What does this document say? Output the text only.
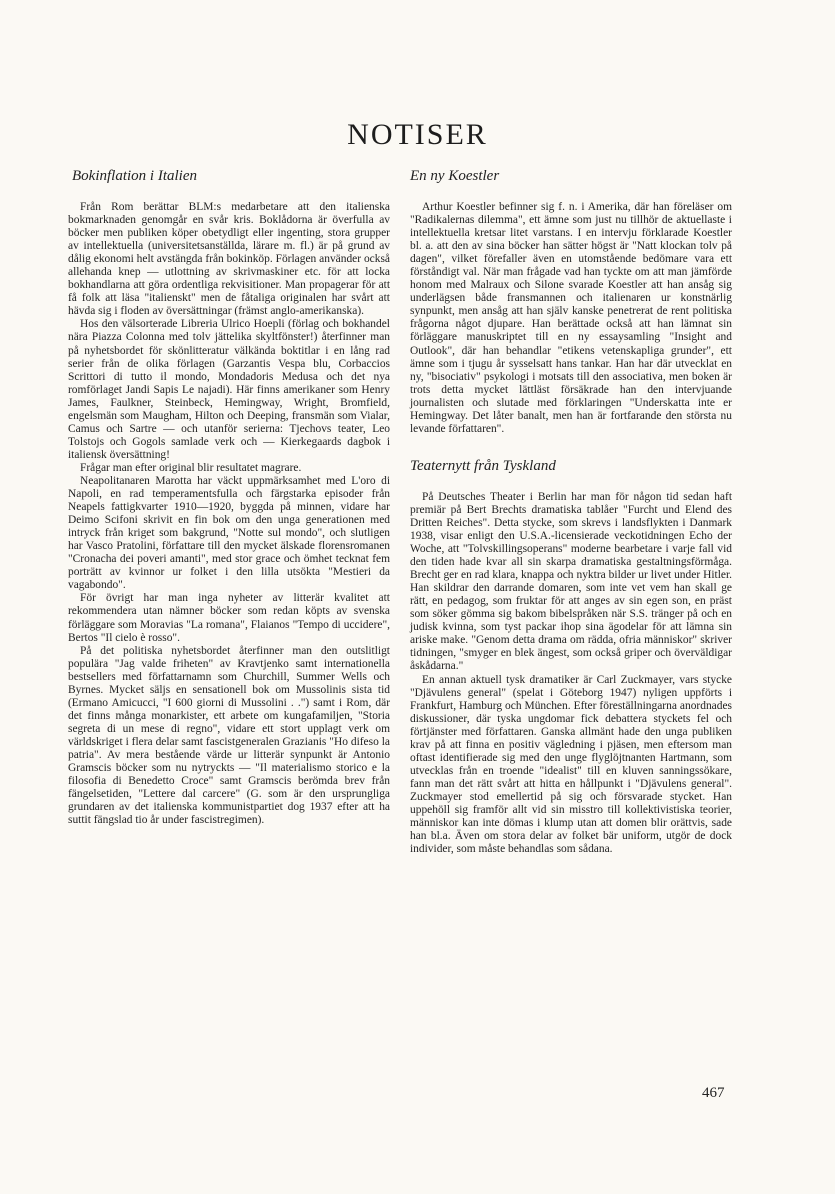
NOTISER
Bokinflation i Italien

Från Rom berättar BLM:s medarbetare att den italienska bokmarknaden genomgår en svår kris. Boklådorna är överfulla av böcker men publiken köper obetydligt eller ingenting, stora grupper av intellektuella (universitetsanställda, lärare m. fl.) är på grund av dålig ekonomi helt avstängda från bokinköp. Förlagen använder också allehanda knep — utlottning av skrivmaskiner etc. för att locka bokhandlarna att göra ordentliga rekvisitioner. Man propagerar för att få folk att läsa "italienskt" men de fåtaliga originalen har svårt att hävda sig i floden av översättningar (främst anglo-amerikanska).

Hos den välsorterade Libreria Ulrico Hoepli (förlag och bokhandel nära Piazza Colonna med tolv jättelika skyltfönster!) återfinner man på nyhetsbordet för skönlitteratur välkända boktitlar i en lång rad serier från de olika förlagen (Garzantis Vespa blu, Corbaccios Scrittori di tutto il mondo, Mondadoris Medusa och det nya romförlaget Jandi Sapis Le najadi). Här finns amerikaner som Henry James, Faulkner, Steinbeck, Hemingway, Wright, Bromfield, engelsmän som Maugham, Hilton och Deeping, fransmän som Vialar, Camus och Sartre — och utanför serierna: Tjechovs teater, Leo Tolstojs och Gogols samlade verk och — Kierkegaards dagbok i italiensk översättning!

Frågar man efter original blir resultatet magrare.

Neapolitanaren Marotta har väckt uppmärksamhet med L'oro di Napoli, en rad temperamentsfulla och färgstarka episoder från Neapels fattigkvarter 1910—1920, byggda på minnen, vidare har Deimo Scifoni skrivit en fin bok om den unga generationen med intryck från kriget som bakgrund, "Notte sul mondo", och slutligen har Vasco Pratolini, författare till den mycket älskade florensromanen "Cronacha dei poveri amanti", med stor grace och ömhet tecknat fem porträtt av kvinnor ur folket i den lilla utsökta "Mestieri da vagabondo".

För övrigt har man inga nyheter av litterär kvalitet att rekommendera utan nämner böcker som redan köpts av svenska förläggare som Moravias "La romana", Flaianos "Tempo di uccidere", Bertos "Il cielo è rosso".

På det politiska nyhetsbordet återfinner man den outslitligt populära "Jag valde friheten" av Kravtjenko samt internationella bestsellers med författarnamn som Churchill, Summer Wells och Byrnes. Mycket säljs en sensationell bok om Mussolinis sista tid (Ermano Amicucci, "I 600 giorni di Mussolini . .") samt i Rom, där det finns många monarkister, ett arbete om kungafamiljen, "Storia segreta di un mese di regno", vidare ett stort upplagt verk om världskriget i flera delar samt fascistgeneralen Grazianis "Ho difeso la patria". Av mera bestående värde ur litterär synpunkt är Antonio Gramscis böcker som nu nytryckts — "Il materialismo storico e la filosofia di Benedetto Croce" samt Gramscis berömda brev från fängelsetiden, "Lettere dal carcere" (G. som är den ursprungliga grundaren av det italienska kommunistpartiet dog 1937 efter att ha suttit fängslad tio år under fascistregimen).

En ny Koestler

Arthur Koestler befinner sig f. n. i Amerika, där han föreläser om "Radikalernas dilemma", ett ämne som just nu tillhör de aktuellaste i intellektuella kretsar litet varstans. I en intervju förklarade Koestler bl. a. att den av sina böcker han sätter högst är "Natt klockan tolv på dagen", vilket förefaller även en utomstående bedömare vara ett förståndigt val. När man frågade vad han tyckte om att man jämförde honom med Malraux och Silone svarade Koestler att han ansåg sig underlägsen både fransmannen och italienaren ur konstnärlig synpunkt, men ansåg att han själv kanske penetrerat de rent politiska frågorna något djupare. Han berättade också att han lämnat sin förläggare manuskriptet till en ny essaysamling "Insight and Outlook", där han behandlar "etikens vetenskapliga grunder", ett ämne som i tjugu år sysselsatt hans tankar. Han har där utvecklat en ny, "bisociativ" psykologi i motsats till den associativa, men boken är trots detta mycket lättläst försäkrade han den intervjuande journalisten och slutade med förklaringen "Underskatta inte er Hemingway. Det låter banalt, men han är fortfarande den största nu levande författaren".

Teaternytt från Tyskland

På Deutsches Theater i Berlin har man för någon tid sedan haft premiär på Bert Brechts dramatiska tablåer "Furcht und Elend des Dritten Reiches". Detta stycke, som skrevs i landsflykten i Danmark 1938, visar enligt den U.S.A.-licensierade veckotidningen Echo der Woche, att "Tolvskillingsoperans" moderne bearbetare i varje fall vid den tiden hade kvar all sin skarpa dramatiska gestaltningsförmåga. Brecht ger en rad klara, knappa och nyktra bilder ur livet under Hitler. Han skildrar den darrande domaren, som inte vet vem han skall ge rätt, en pedagog, som fruktar för att anges av sin egen son, en präst som söker gömma sig bakom bibelspråken när S.S. tränger på och en judisk kvinna, som tyst packar ihop sina ägodelar för att lämna sin ariske make. "Genom detta drama om rädda, ofria människor" skriver tidningen, "smyger en blek ängest, som också griper och överväldigar åskådarna."

En annan aktuell tysk dramatiker är Carl Zuckmayer, vars stycke "Djävulens general" (spelat i Göteborg 1947) nyligen uppförts i Frankfurt, Hamburg och München. Efter föreställningarna anordnades diskussioner, där tyska ungdomar fick debattera styckets fel och förtjänster med författaren. Ganska allmänt hade den unga publiken krav på att finna en positiv vägledning i pjäsen, men eftersom man oftast identifierade sig med den unge flyglöjtnanten Hartmann, som utvecklas från en troende "idealist" till en kluven sanningssökare, fann man det rätt svårt att hitta en hållpunkt i "Djävulens general". Zuckmayer stod emellertid på sig och försvarade stycket. Han uppehöll sig framför allt vid sin misstro till kollektivistiska teorier, människor kan inte dömas i klump utan att domen blir orättvis, sade han bl.a. Även om stora delar av folket bär uniform, utgör de dock individer, som måste behandlas som sådana.

467
